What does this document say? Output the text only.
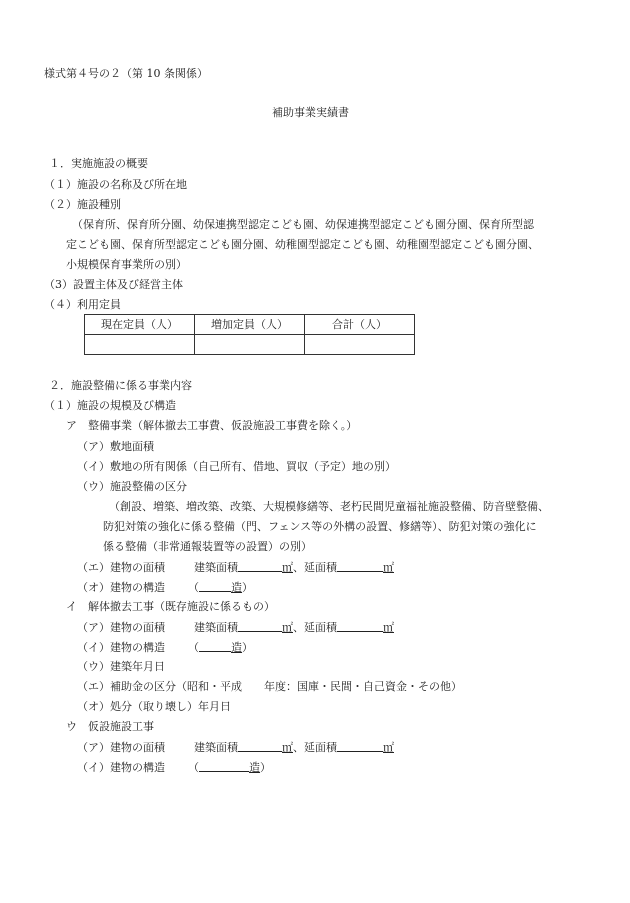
様式第４号の２（第 10 条関係）
補助事業実績書
１．実施施設の概要
（１）施設の名称及び所在地
（２）施設種別
（保育所、保育所分園、幼保連携型認定こども園、幼保連携型認定こども園分園、保育所型認
定こども園、保育所型認定こども園分園、幼稚園型認定こども園、幼稚園型認定こども園分園、
小規模保育事業所の別）
（3）設置主体及び経営主体
（４）利用定員
現在定員（人）	増加定員（人）	合計（人）

２．施設整備に係る事業内容
（１）施設の規模及び構造
ア　整備事業（解体撤去工事費、仮設施設工事費を除く。）
（ア）敷地面積
（イ）敷地の所有関係（自己所有、借地、買収（予定）地の別）
（ウ）施設整備の区分
（創設、増築、増改築、改築、大規模修繕等、老朽民間児童福祉施設整備、防音壁整備、
防犯対策の強化に係る整備（門、フェンス等の外構の設置、修繕等）、防犯対策の強化に
係る整備（非常通報装置等の設置）の別）
（エ）建物の面積	建築面積	㎡、延面積	㎡
（オ）建物の構造 （	造）
イ　解体撤去工事（既存施設に係るもの）
（ア）建物の面積	建築面積	㎡、延面積	㎡
（イ）建物の構造 （	造）
（ウ）建築年月日
（エ）補助金の区分（昭和・平成　　年度：国庫・民間・自己資金・その他）
（オ）処分（取り壊し）年月日
ウ　仮設施設工事
（ア）建物の面積	建築面積	㎡、延面積	㎡
（イ）建物の構造 （	造）
